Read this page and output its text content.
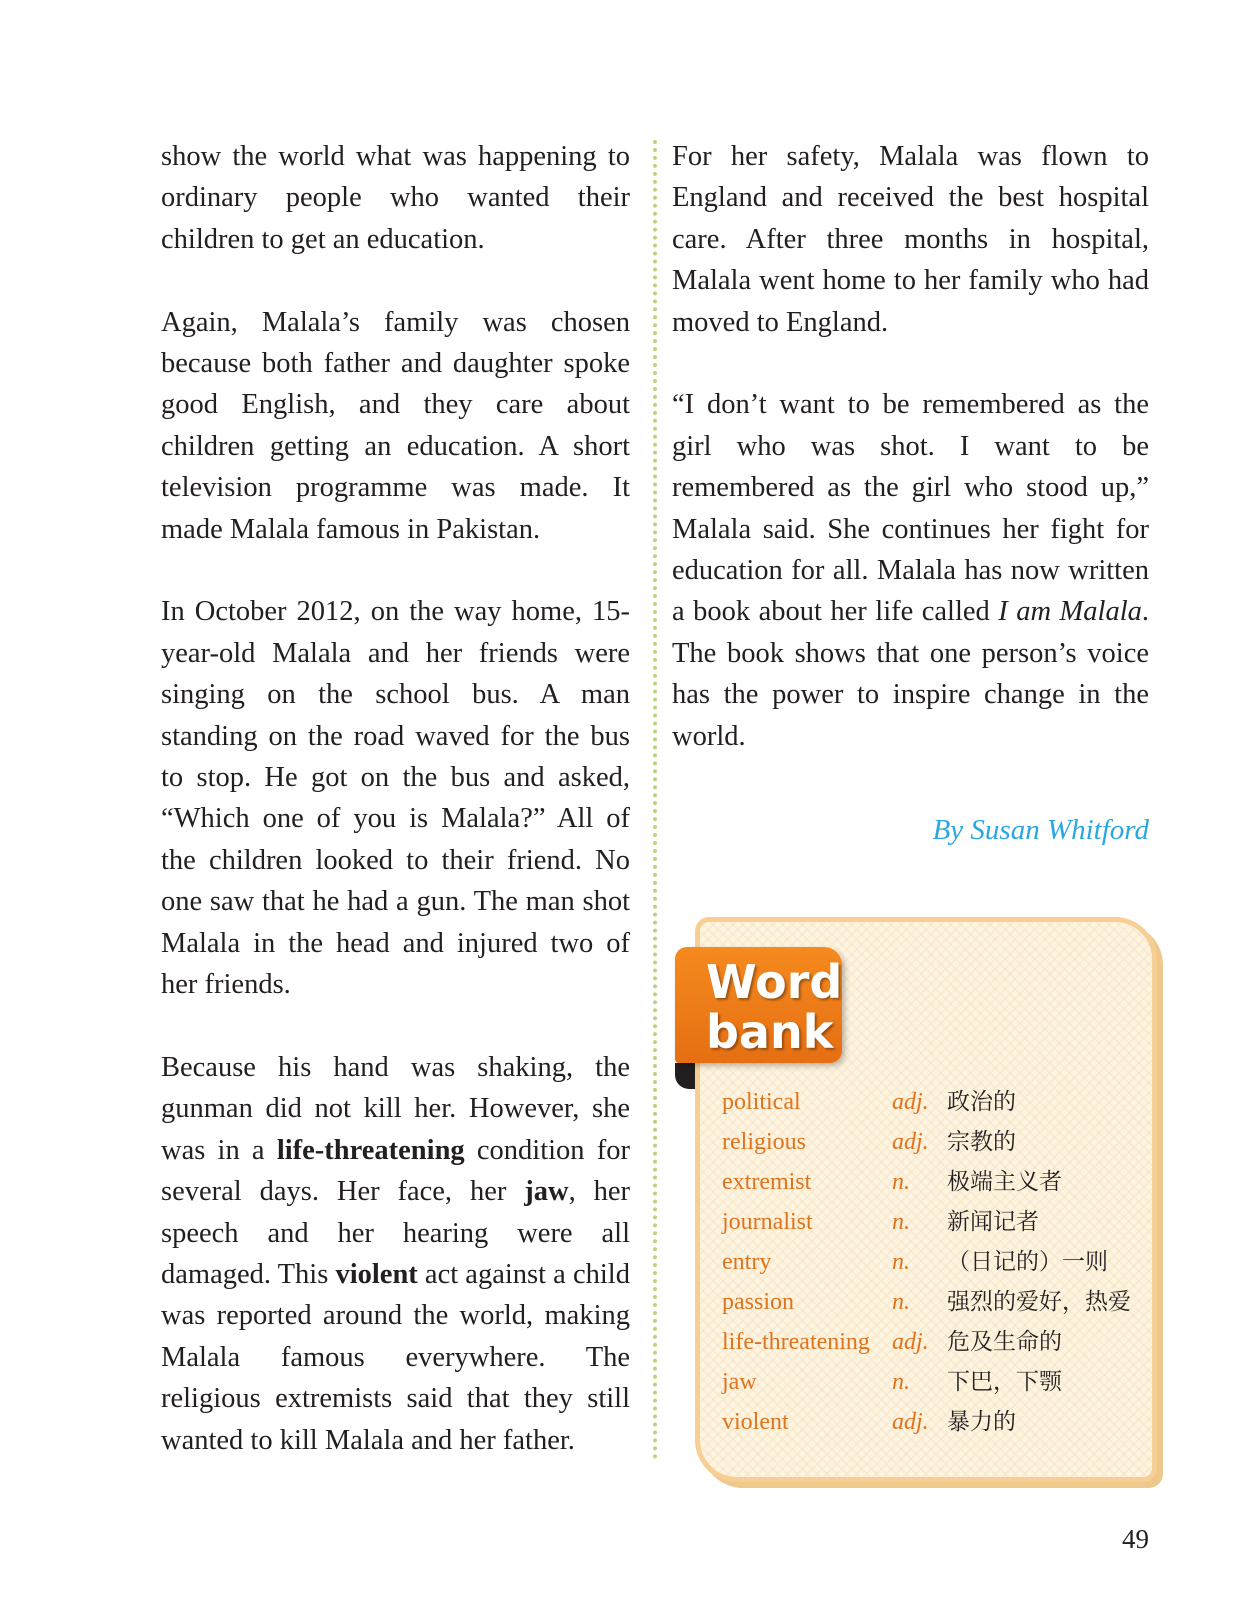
show the world what was happening to ordinary people who wanted their children to get an education.

Again, Malala’s family was chosen because both father and daughter spoke good English, and they care about children getting an education. A short television programme was made. It made Malala famous in Pakistan.

In October 2012, on the way home, 15-year-old Malala and her friends were singing on the school bus. A man standing on the road waved for the bus to stop. He got on the bus and asked, “Which one of you is Malala?” All of the children looked to their friend. No one saw that he had a gun. The man shot Malala in the head and injured two of her friends.

Because his hand was shaking, the gunman did not kill her. However, she was in a life-threatening condition for several days. Her face, her jaw, her speech and her hearing were all damaged. This violent act against a child was reported around the world, making Malala famous everywhere. The religious extremists said that they still wanted to kill Malala and her father.

For her safety, Malala was flown to England and received the best hospital care. After three months in hospital, Malala went home to her family who had moved to England.

“I don’t want to be remembered as the girl who was shot. I want to be remembered as the girl who stood up,” Malala said. She continues her fight for education for all. Malala has now written a book about her life called I am Malala. The book shows that one person’s voice has the power to inspire change in the world.

By Susan Whitford
Word
bank
political	adj. 政治的
religious	adj. 宗教的
extremist	n. 极端主义者
journalist	n. 新闻记者
entry	n. （日记的）一则
passion	n. 强烈的爱好，热爱
life-threatening adj. 危及生命的
jaw	n. 下巴，下颚
violent	adj. 暴力的
49
